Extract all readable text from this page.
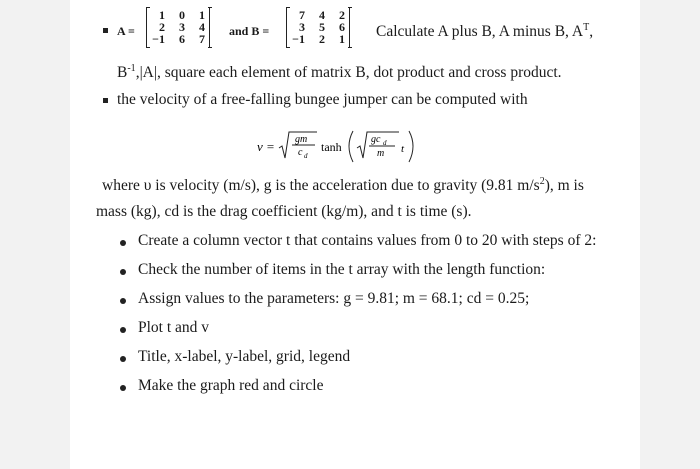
A =
1	0	1
2	3	4
−1	6	7
and B =
7	4	2
3	5	6
−1	2	1 Calculate A plus B, A minus B, $A^T$,
$B^{-1},|A|$, square each element of matrix B, dot product and cross product.
the velocity of a free-falling bungee jumper can be computed with
v = gm
c d
tanh
gc d
m t
where υ is velocity (m/s), g is the acceleration due to gravity (9.81 $m/s^2$), m is
mass (kg), cd is the drag coefficient (kg/m), and t is time (s).
Create a column vector t that contains values from 0 to 20 with steps of 2:
Check the number of items in the t array with the length function:
Assign values to the parameters: g = 9.81; m = 68.1; cd = 0.25;
Plot t and v
Title, x-label, y-label, grid, legend
Make the graph red and circle
